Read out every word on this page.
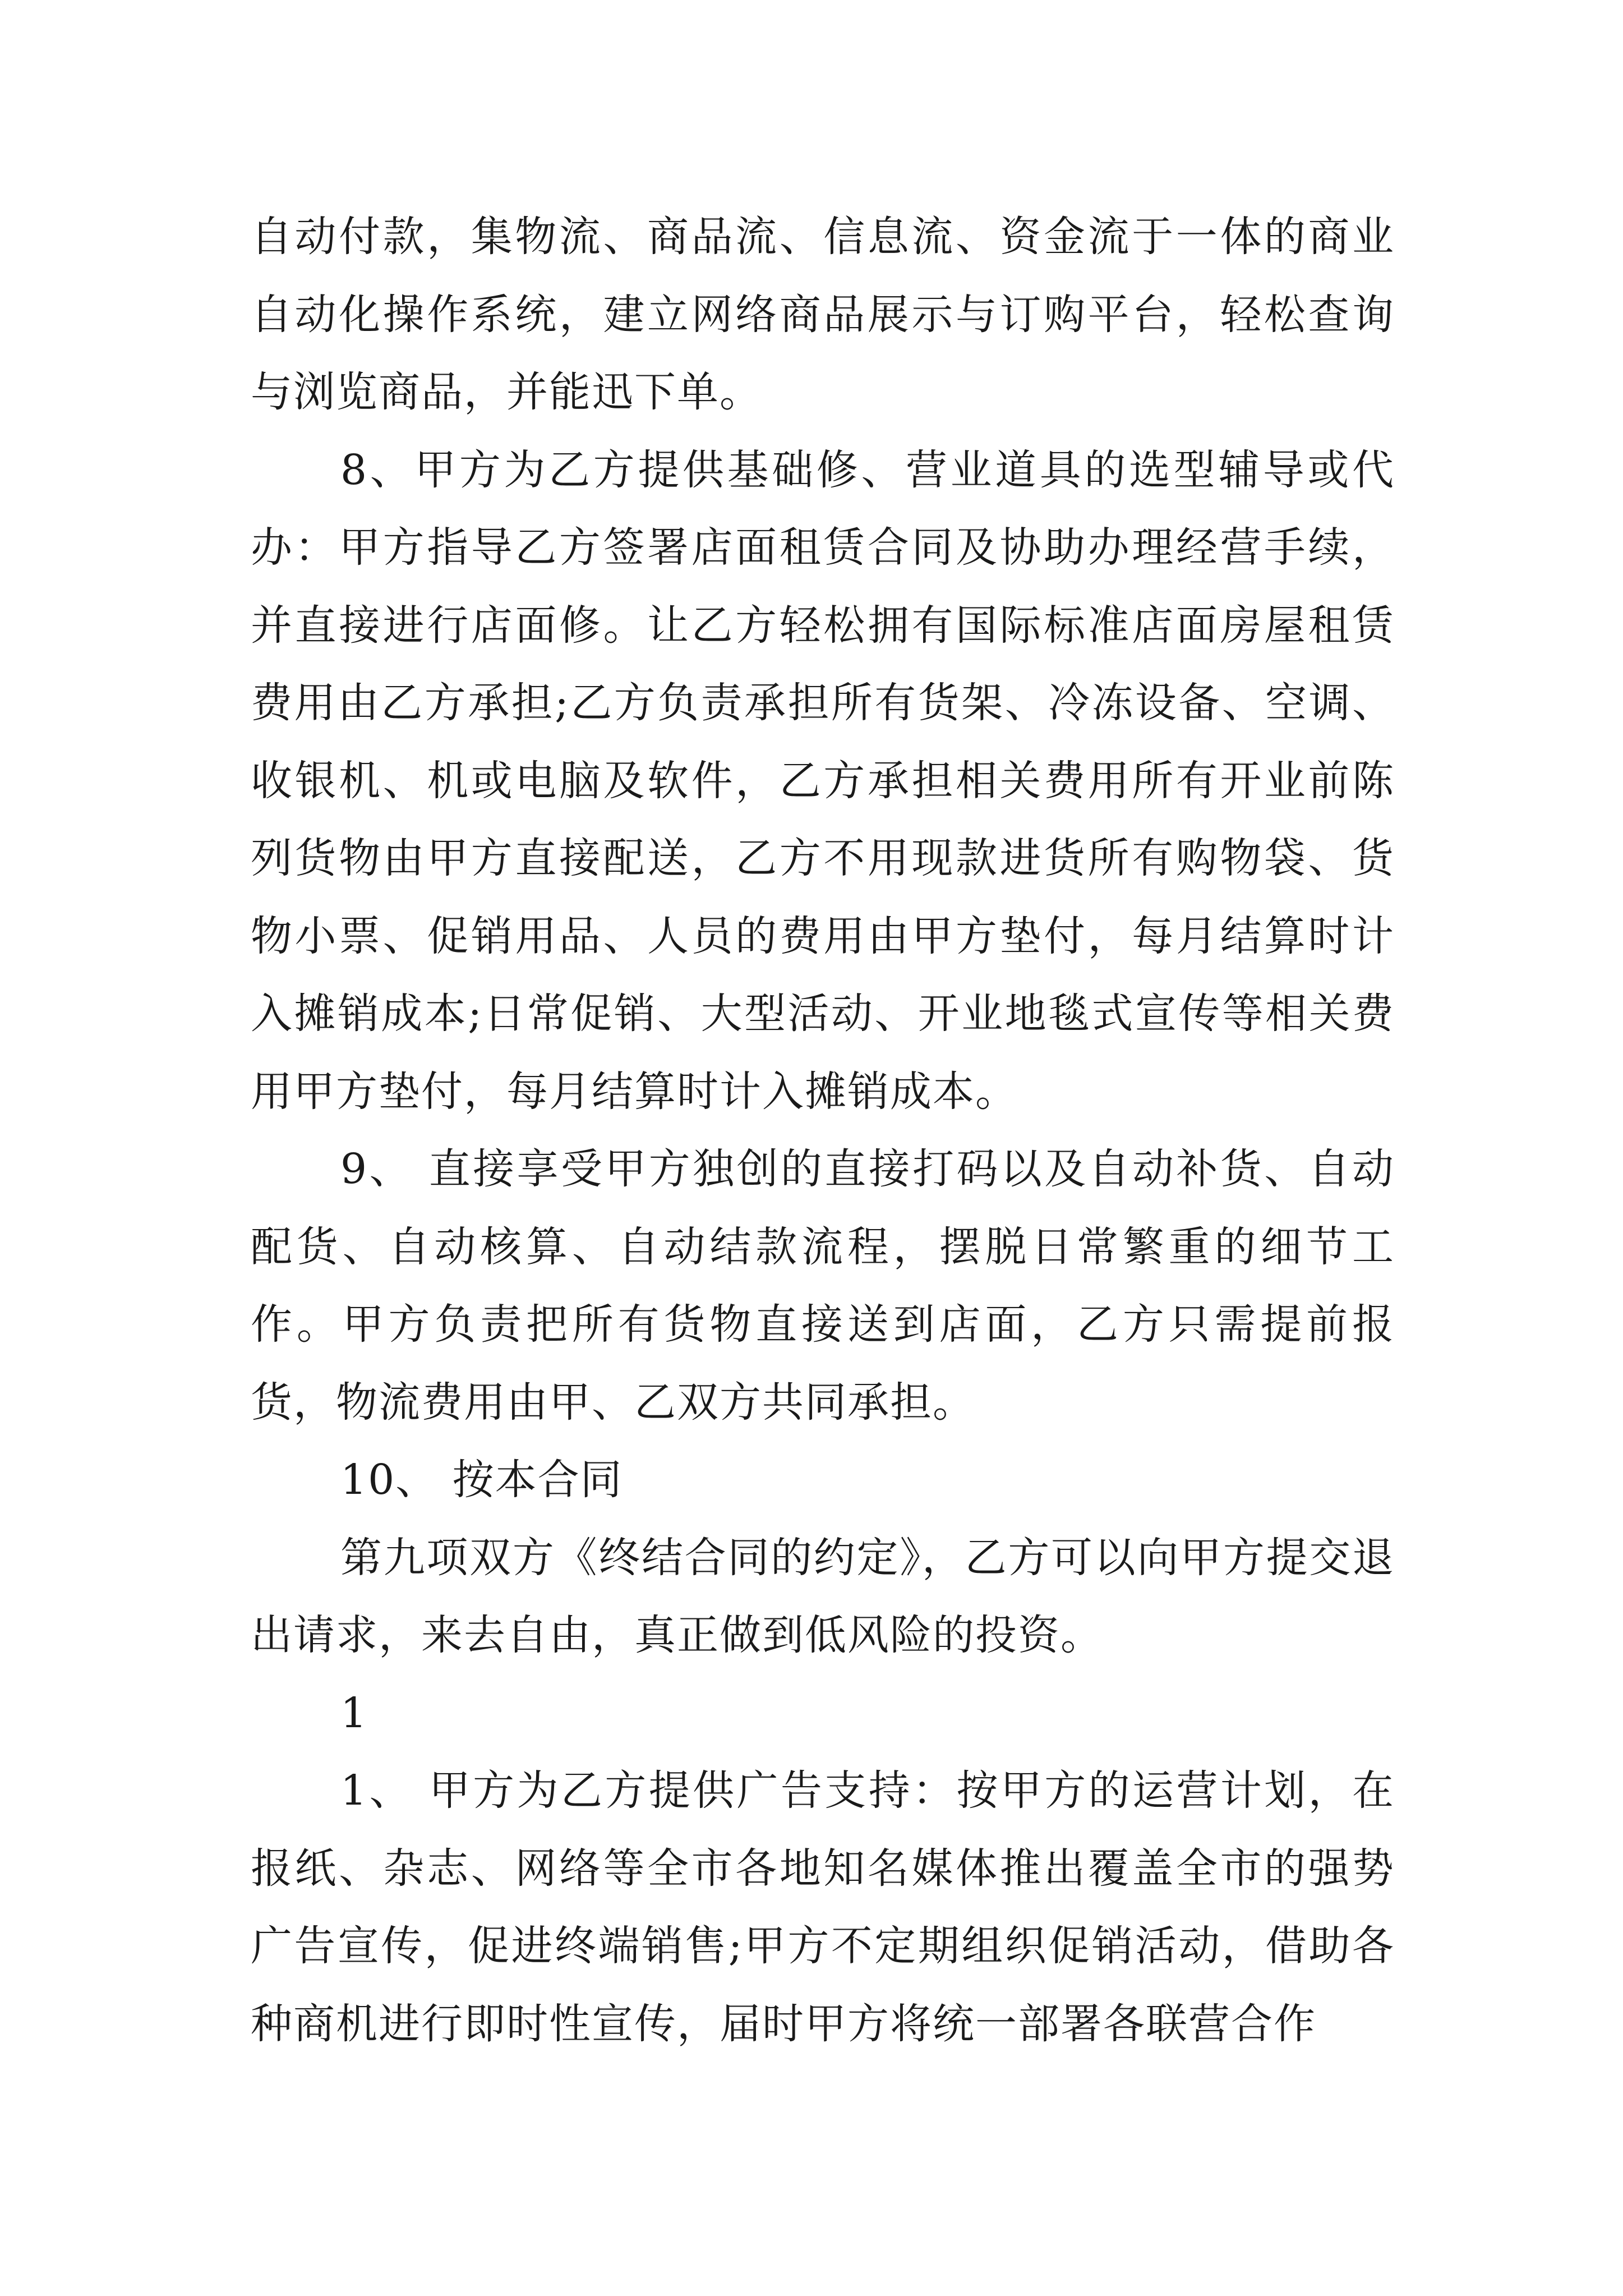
自动付款，集物流、商品流、信息流、资金流于一体的商业自动化操作系统，建立网络商品展示与订购平台，轻松查询与浏览商品，并能迅下单。

8、甲方为乙方提供基础修、营业道具的选型辅导或代办：甲方指导乙方签署店面租赁合同及协助办理经营手续，并直接进行店面修。让乙方轻松拥有国际标准店面房屋租赁费用由乙方承担;乙方负责承担所有货架、冷冻设备、空调、收银机、机或电脑及软件，乙方承担相关费用所有开业前陈列货物由甲方直接配送，乙方不用现款进货所有购物袋、货物小票、促销用品、人员的费用由甲方垫付，每月结算时计入摊销成本;日常促销、大型活动、开业地毯式宣传等相关费用甲方垫付，每月结算时计入摊销成本。

9、 直接享受甲方独创的直接打码以及自动补货、自动配货、自动核算、自动结款流程，摆脱日常繁重的细节工作。甲方负责把所有货物直接送到店面，乙方只需提前报货，物流费用由甲、乙双方共同承担。

10、 按本合同

第九项双方《终结合同的约定》，乙方可以向甲方提交退出请求，来去自由，真正做到低风险的投资。

1

1、 甲方为乙方提供广告支持：按甲方的运营计划，在报纸、杂志、网络等全市各地知名媒体推出覆盖全市的强势广告宣传，促进终端销售;甲方不定期组织促销活动，借助各种商机进行即时性宣传，届时甲方将统一部署各联营合作
